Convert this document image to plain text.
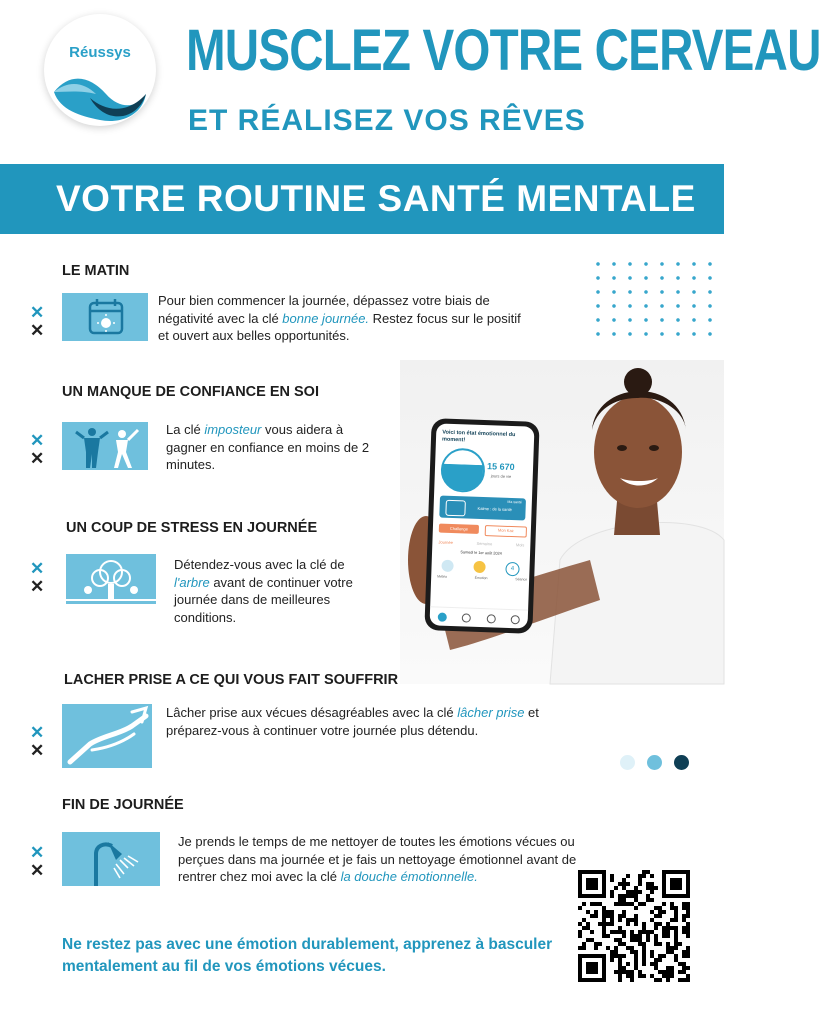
Réussys MUSCLEZ VOTRE CERVEAU
ET RÉALISEZ VOS RÊVES
VOTRE ROUTINE SANTÉ MENTALE
LE MATIN
✕
✕
Pour bien commencer la journée, dépassez votre biais de négativité avec la clé bonne journée. Restez focus sur le positif et ouvert aux belles opportunités.
UN MANQUE DE CONFIANCE EN SOI
✕
✕
La clé imposteur vous aidera à gagner en confiance en moins de 2 minutes.
UN COUP DE STRESS EN JOURNÉE
✕
✕
Détendez-vous avec la clé de l'arbre avant de continuer votre journée dans de meilleures conditions.
LACHER PRISE A CE QUI VOUS FAIT SOUFFRIR
✕
✕
Lâcher prise aux vécues désagréables avec la clé lâcher prise et préparez-vous à continuer votre journée plus détendu.
FIN DE JOURNÉE
✕
✕
Je prends le temps de me nettoyer de toutes les émotions vécues ou perçues dans ma journée et je fais un nettoyage émotionnel avant de rentrer chez moi avec la clé la douche émotionnelle.
Voici ton état émotionnel du moment!
15 670
jours de vie
Kalme : de la santé
Ma santé
Challenge	Mon Kaz
Journée	Semaine	Mois
Samedi le 1er août 2024
4
Météo	Émotion	Séance
Ne restez pas avec une émotion durablement, apprenez à basculer mentalement au fil de vos émotions vécues.
